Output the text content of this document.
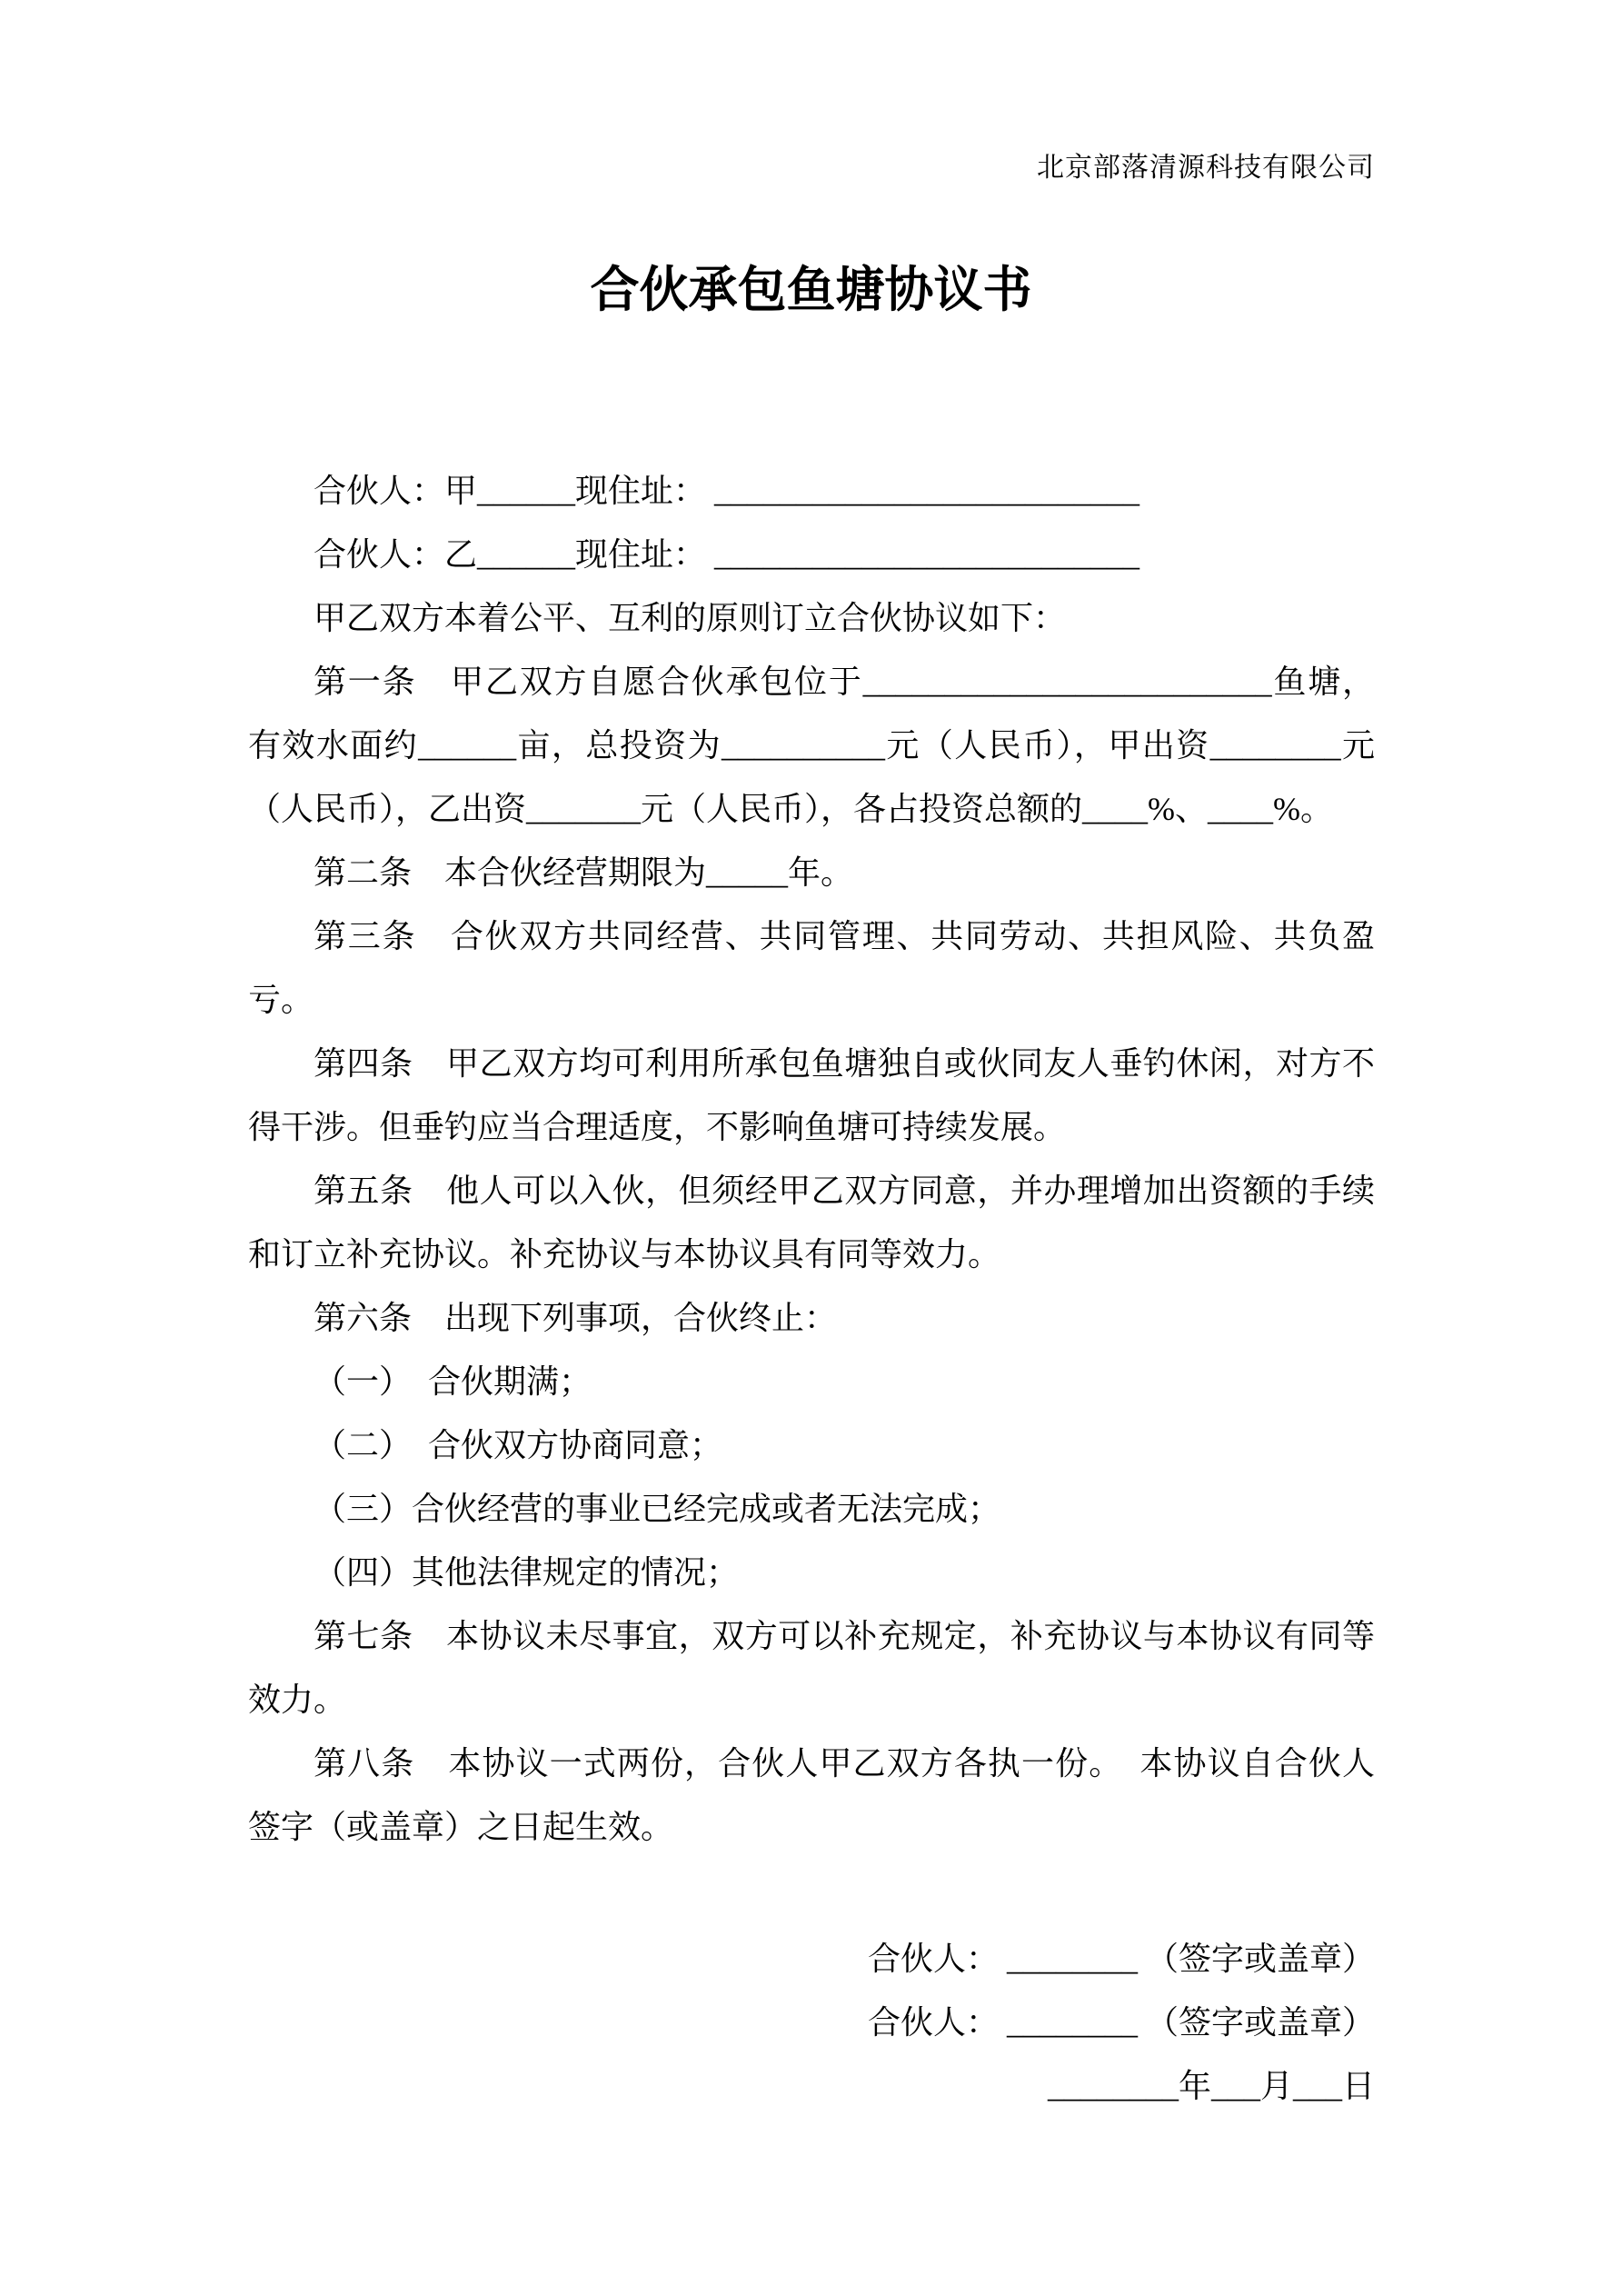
北京部落清源科技有限公司
合伙承包鱼塘协议书

合伙人：甲______现住址： __________________________

合伙人：乙______现住址： __________________________

甲乙双方本着公平、互利的原则订立合伙协议如下：

第一条　甲乙双方自愿合伙承包位于_________________________鱼塘，有效水面约______亩，总投资为__________元（人民币），甲出资________元（人民币），乙出资_______元（人民币），各占投资总额的____%、____%。

第二条　本合伙经营期限为_____年。

第三条　合伙双方共同经营、共同管理、共同劳动、共担风险、共负盈亏。

第四条　甲乙双方均可利用所承包鱼塘独自或伙同友人垂钓休闲，对方不得干涉。但垂钓应当合理适度，不影响鱼塘可持续发展。

第五条　他人可以入伙，但须经甲乙双方同意，并办理增加出资额的手续和订立补充协议。补充协议与本协议具有同等效力。

第六条　出现下列事项，合伙终止：

（一）　合伙期满；

（二）　合伙双方协商同意；

（三）合伙经营的事业已经完成或者无法完成；

（四）其他法律规定的情况；

第七条　本协议未尽事宜，双方可以补充规定，补充协议与本协议有同等效力。

第八条　本协议一式两份，合伙人甲乙双方各执一份。　本协议自合伙人签字（或盖章）之日起生效。

合伙人： ________ （签字或盖章）
合伙人： ________ （签字或盖章）
________年___月___日
